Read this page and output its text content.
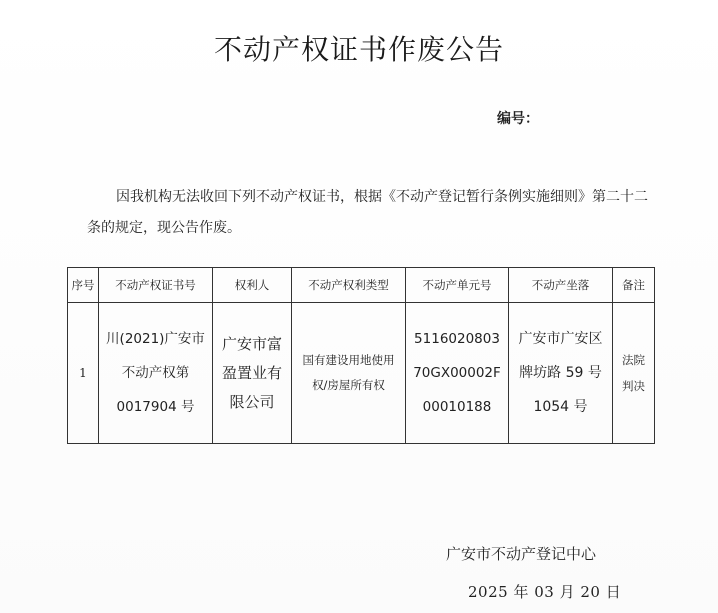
不动产权证书作废公告
编号：
因我机构无法收回下列不动产权证书，根据《不动产登记暂行条例实施细则》第二十二条的规定，现公告作废。
序号	不动产权证书号	权利人	不动产权利类型	不动产单元号	不动产坐落	备注
1	川(2021)广安市
不动产权第
0017904 号	广安市富
盈置业有
限公司	国有建设用地使用
权/房屋所有权	5116020803
70GX00002F
00010188	广安市广安区
牌坊路 59 号
1054 号	法院
判决
广安市不动产登记中心
2025 年 03 月 20 日
